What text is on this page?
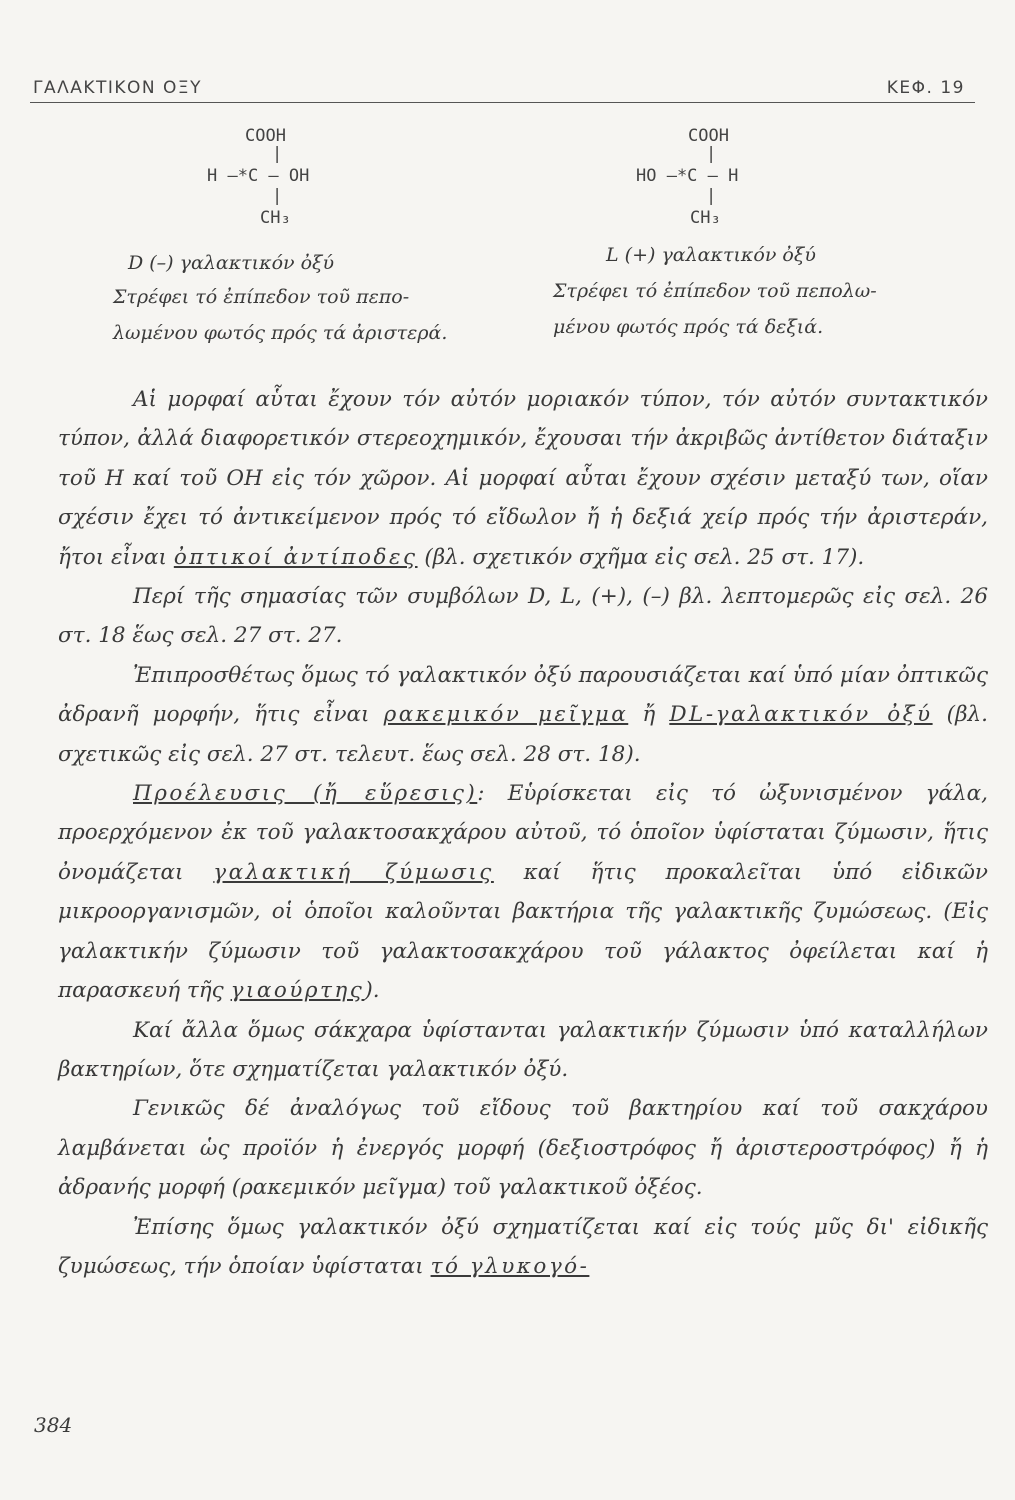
ΓΑΛΑΚΤΙΚΟΝ ΟΞΥ	ΚΕΦ. 19
COOH
|
H –*C – OH
|
CH₃
D (–) γαλακτικόν ὀξύ
Στρέφει τό ἐπίπεδον τοῦ πεπο-
λωμένου φωτός πρός τά ἀριστερά.
COOH
|
HO –*C – H
|
CH₃
L (+) γαλακτικόν ὀξύ
Στρέφει τό ἐπίπεδον τοῦ πεπολω-
μένου φωτός πρός τά δεξιά.

Αἱ μορφαί αὗται ἔχουν τόν αὐτόν μοριακόν τύπον, τόν αὐτόν συντακτικόν τύπον, ἀλλά διαφορετικόν στερεοχημικόν, ἔχουσαι τήν ἀκριβῶς ἀντίθετον διάταξιν τοῦ Η καί τοῦ ΟΗ εἰς τόν χῶρον. Αἱ μορφαί αὗται ἔχουν σχέσιν μεταξύ των, οἵαν σχέσιν ἔχει τό ἀντικείμενον πρός τό εἴδωλον ἤ ἡ δεξιά χείρ πρός τήν ἀριστεράν, ἤτοι εἶναι ὀπτικοί ἀντίποδες (βλ. σχετικόν σχῆμα εἰς σελ. 25 στ. 17).

Περί τῆς σημασίας τῶν συμβόλων D, L, (+), (–) βλ. λεπτομερῶς εἰς σελ. 26 στ. 18 ἕως σελ. 27 στ. 27.

Ἐπιπροσθέτως ὅμως τό γαλακτικόν ὀξύ παρουσιάζεται καί ὑπό μίαν ὀπτικῶς ἀδρανῆ μορφήν, ἥτις εἶναι ρακεμικόν μεῖγμα ἤ DL-γαλακτικόν ὀξύ (βλ. σχετικῶς εἰς σελ. 27 στ. τελευτ. ἕως σελ. 28 στ. 18).

Προέλευσις (ἤ εὕρεσις): Εὑρίσκεται εἰς τό ὠξυνισμένον γάλα, προερχόμενον ἐκ τοῦ γαλακτοσακχάρου αὐτοῦ, τό ὁποῖον ὑφίσταται ζύμωσιν, ἥτις ὀνομάζεται γαλακτική ζύμωσις καί ἥτις προκαλεῖται ὑπό εἰδικῶν μικροοργανισμῶν, οἱ ὁποῖοι καλοῦνται βακτήρια τῆς γαλακτικῆς ζυμώσεως. (Εἰς γαλακτικήν ζύμωσιν τοῦ γαλακτοσακχάρου τοῦ γάλακτος ὀφείλεται καί ἡ παρασκευή τῆς γιαούρτης).

Καί ἄλλα ὅμως σάκχαρα ὑφίστανται γαλακτικήν ζύμωσιν ὑπό καταλλήλων βακτηρίων, ὅτε σχηματίζεται γαλακτικόν ὀξύ.

Γενικῶς δέ ἀναλόγως τοῦ εἴδους τοῦ βακτηρίου καί τοῦ σακχάρου λαμβάνεται ὡς προϊόν ἡ ἐνεργός μορφή (δεξιοστρόφος ἤ ἀριστεροστρόφος) ἤ ἡ ἀδρανής μορφή (ρακεμικόν μεῖγμα) τοῦ γαλακτικοῦ ὀξέος.

Ἐπίσης ὅμως γαλακτικόν ὀξύ σχηματίζεται καί εἰς τούς μῦς δι' εἰδικῆς ζυμώσεως, τήν ὁποίαν ὑφίσταται τό γλυκογό-

384
